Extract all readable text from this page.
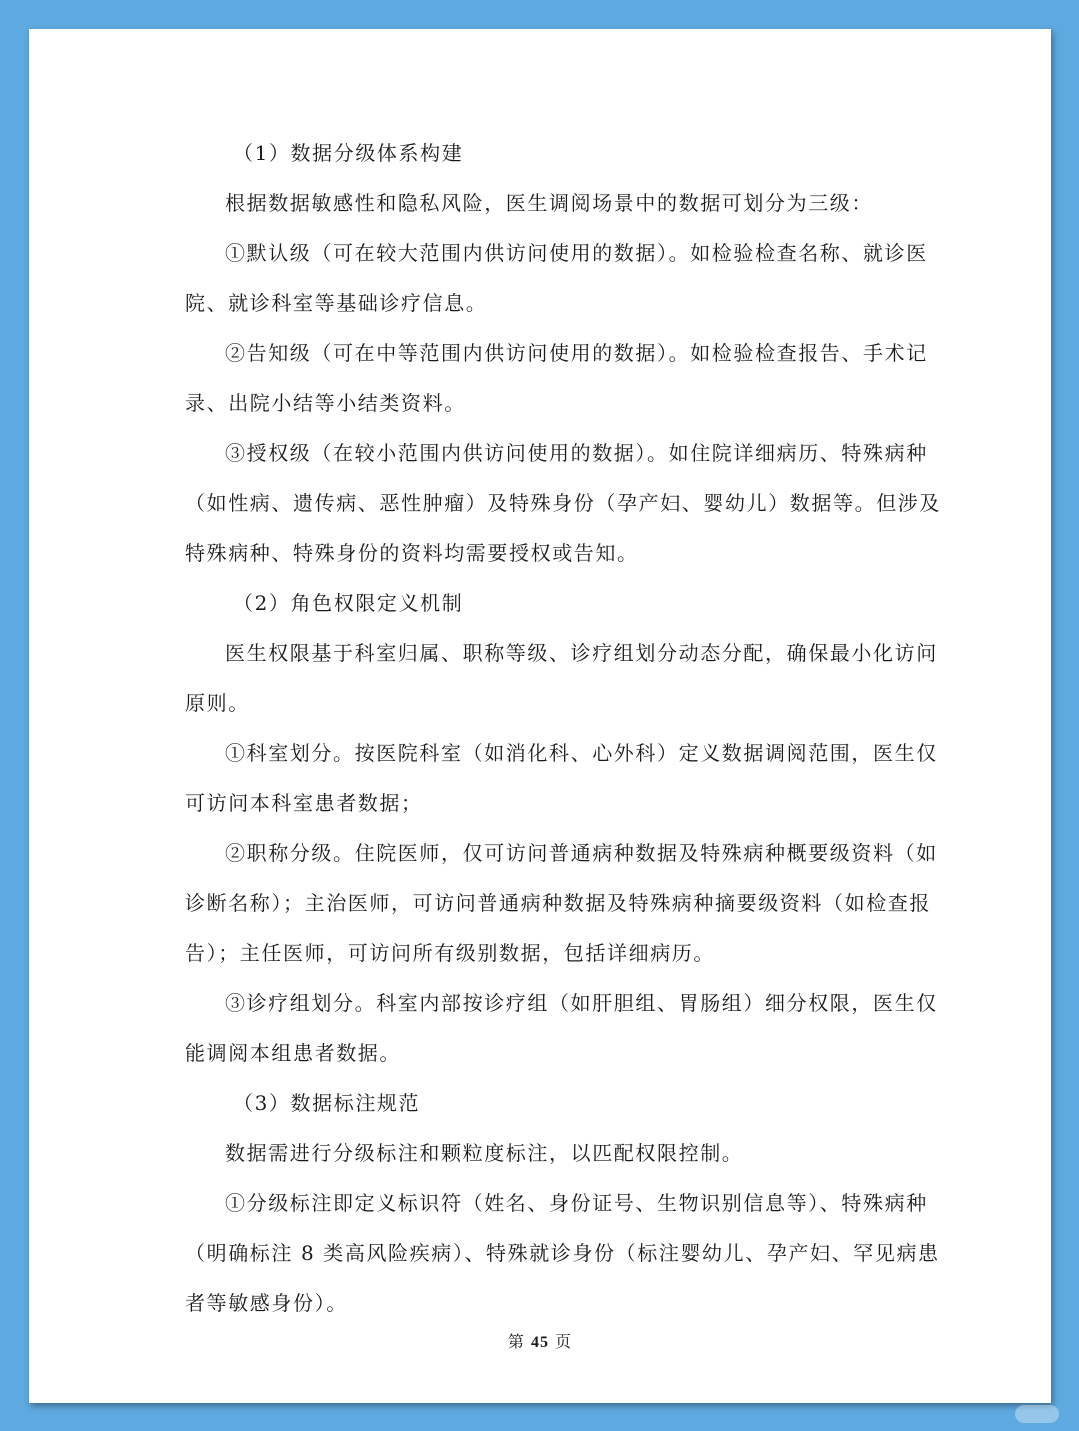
（1）数据分级体系构建
根据数据敏感性和隐私风险，医生调阅场景中的数据可划分为三级：
①默认级（可在较大范围内供访问使用的数据）。如检验检查名称、就诊医
院、就诊科室等基础诊疗信息。
②告知级（可在中等范围内供访问使用的数据）。如检验检查报告、手术记
录、出院小结等小结类资料。
③授权级（在较小范围内供访问使用的数据）。如住院详细病历、特殊病种
（如性病、遗传病、恶性肿瘤）及特殊身份（孕产妇、婴幼儿）数据等。但涉及
特殊病种、特殊身份的资料均需要授权或告知。
（2）角色权限定义机制
医生权限基于科室归属、职称等级、诊疗组划分动态分配，确保最小化访问
原则。
①科室划分。按医院科室（如消化科、心外科）定义数据调阅范围，医生仅
可访问本科室患者数据；
②职称分级。住院医师，仅可访问普通病种数据及特殊病种概要级资料（如
诊断名称）；主治医师，可访问普通病种数据及特殊病种摘要级资料（如检查报
告）；主任医师，可访问所有级别数据，包括详细病历。
③诊疗组划分。科室内部按诊疗组（如肝胆组、胃肠组）细分权限，医生仅
能调阅本组患者数据。
（3）数据标注规范
数据需进行分级标注和颗粒度标注，以匹配权限控制。
①分级标注即定义标识符（姓名、身份证号、生物识别信息等）、特殊病种
（明确标注 8 类高风险疾病）、特殊就诊身份（标注婴幼儿、孕产妇、罕见病患
者等敏感身份）。
第 45 页
